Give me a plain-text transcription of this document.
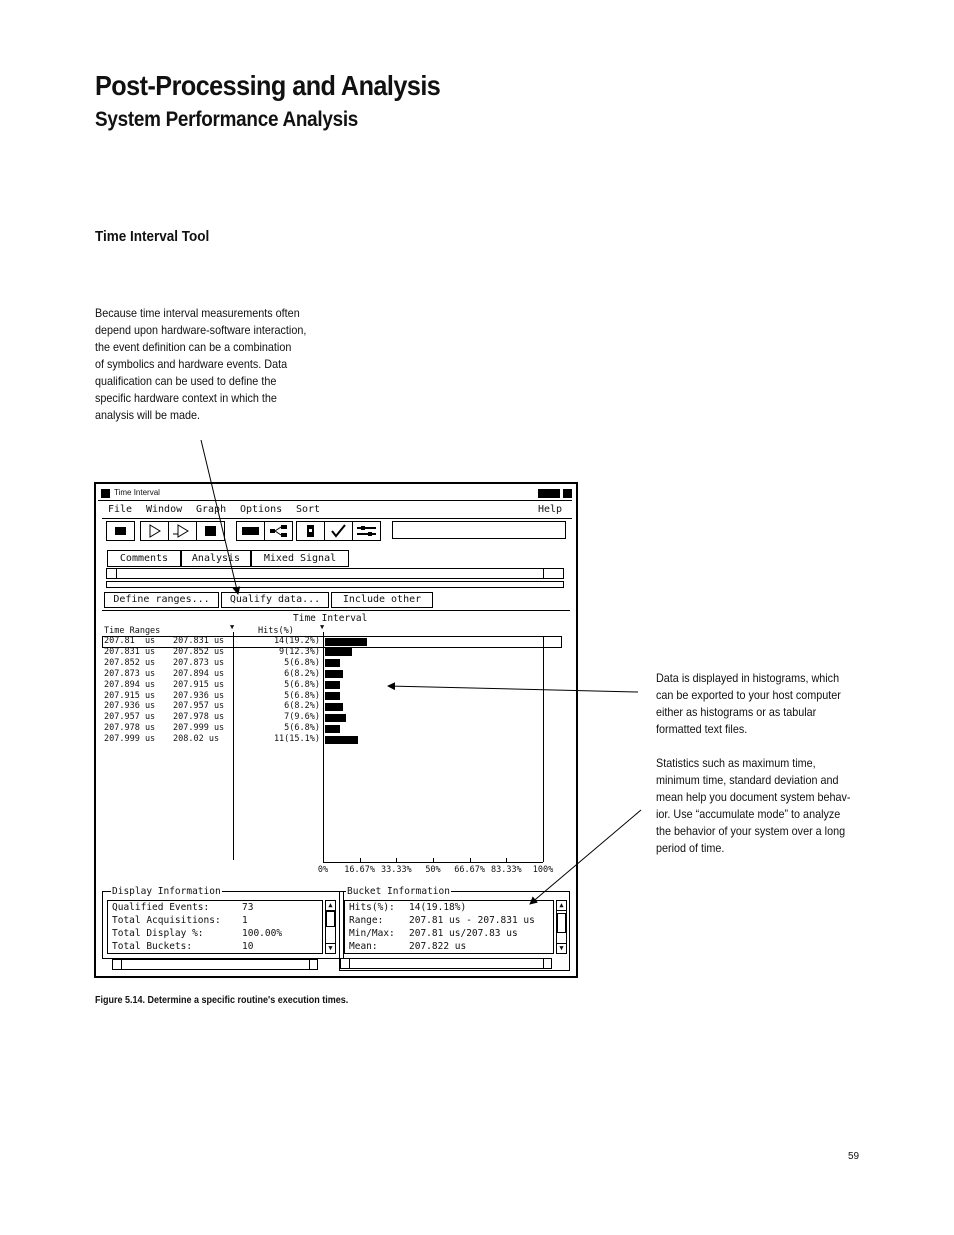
Post-Processing and Analysis
System Performance Analysis
Time Interval Tool
Because time interval measurements often
depend upon hardware-software interaction,
the event definition can be a combination
of symbolics and hardware events. Data
qualification can be used to define the
specific hardware context in which the
analysis will be made.
Data is displayed in histograms, which
can be exported to your host computer
either as histograms or as tabular
formatted text files.
Statistics such as maximum time,
minimum time, standard deviation and
mean help you document system behav-
ior. Use “accumulate mode” to analyze
the behavior of your system over a long
period of time.
Time Interval
File Window Graph Options Sort	Help
Comments	Analysis	Mixed Signal
Define ranges...	Qualify data...	Include other
Time Interval
Time Ranges	Hits(%)
▼	▼
207.81  us 207.831 us	14(19.2%)
207.831 us 207.852 us	9(12.3%)
207.852 us 207.873 us	5(6.8%)
207.873 us 207.894 us	6(8.2%)
207.894 us 207.915 us	5(6.8%)
207.915 us 207.936 us	5(6.8%)
207.936 us 207.957 us	6(8.2%)
207.957 us 207.978 us	7(9.6%)
207.978 us 207.999 us	5(6.8%)
207.999 us 208.02 us	11(15.1%)
0%	16.67% 33.33%	50%	66.67% 83.33%	100%
Display Information
Qualified Events:	73
Total Acquisitions: 1
Total Display %:	100.00%
Total Buckets:	10
▲
▼
Bucket Information
Hits(%): 14(19.18%)
Range:	207.81 us - 207.831 us
Min/Max: 207.81 us/207.83 us
Mean:	207.822 us
▲
▼
Figure 5.14. Determine a specific routine's execution times.
59
